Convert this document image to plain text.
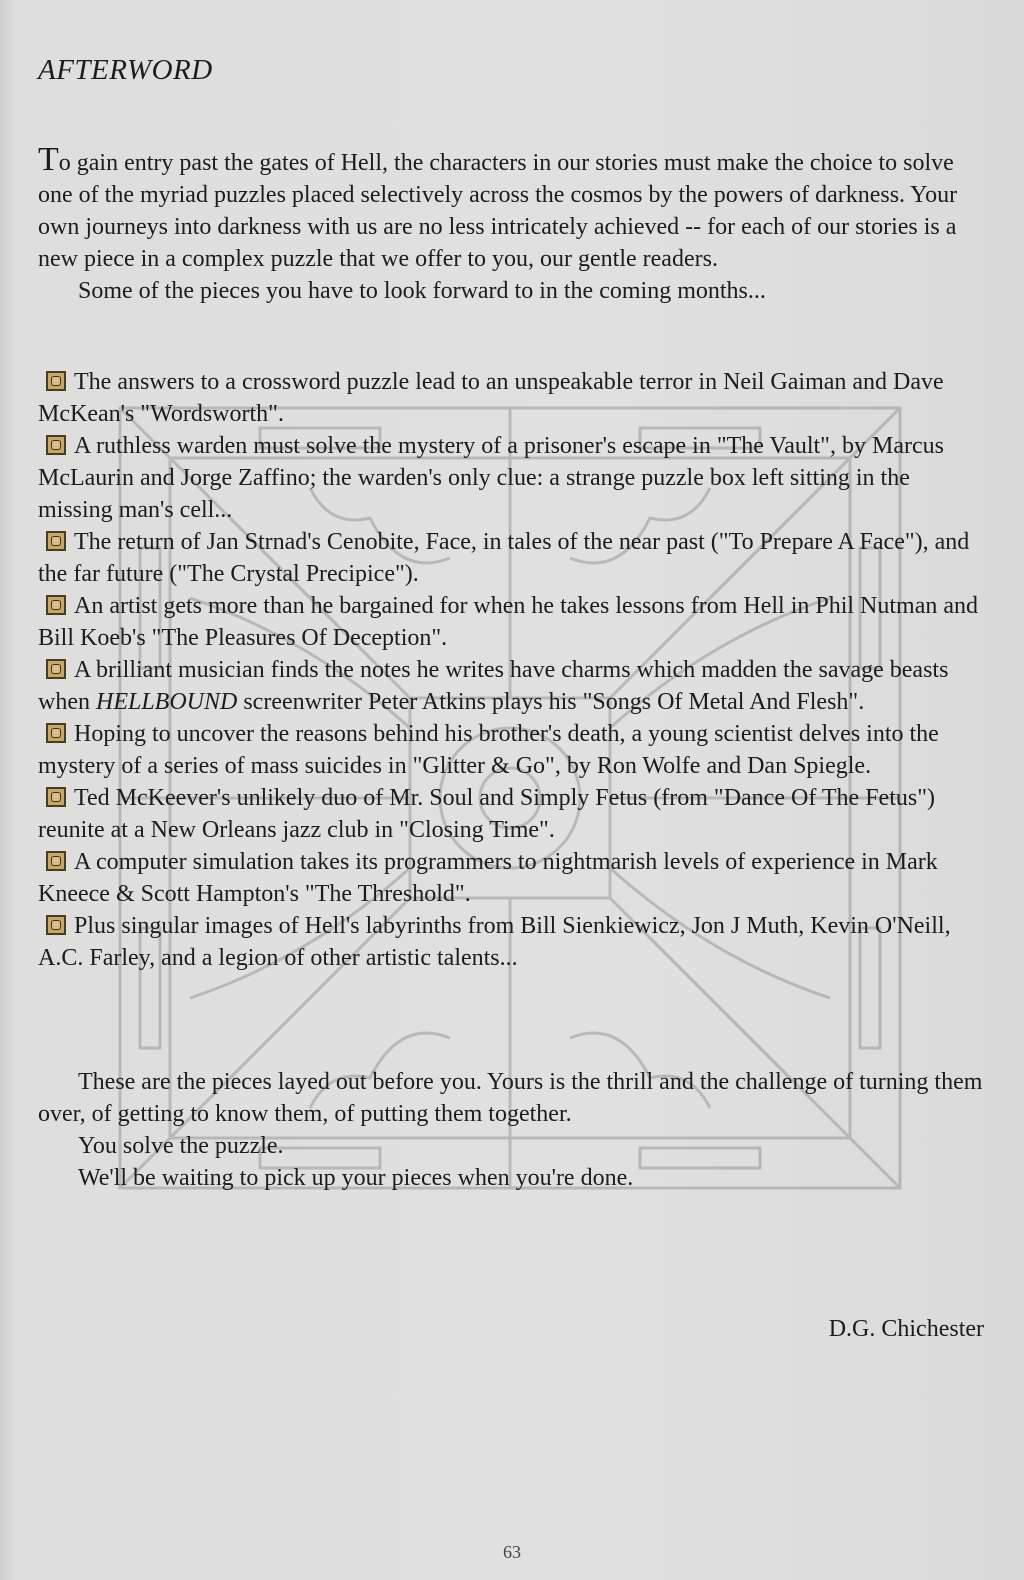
AFTERWORD

To gain entry past the gates of Hell, the characters in our stories must make the choice to solve one of the myriad puzzles placed selectively across the cosmos by the powers of darkness. Your own journeys into darkness with us are no less intricately achieved -- for each of our stories is a new piece in a complex puzzle that we offer to you, our gentle readers.

Some of the pieces you have to look forward to in the coming months...

The answers to a crossword puzzle lead to an unspeakable terror in Neil Gaiman and Dave McKean's "Wordsworth".

A ruthless warden must solve the mystery of a prisoner's escape in "The Vault", by Marcus McLaurin and Jorge Zaffino; the warden's only clue: a strange puzzle box left sitting in the missing man's cell...

The return of Jan Strnad's Cenobite, Face, in tales of the near past ("To Prepare A Face"), and the far future ("The Crystal Precipice").

An artist gets more than he bargained for when he takes lessons from Hell in Phil Nutman and Bill Koeb's "The Pleasures Of Deception".

A brilliant musician finds the notes he writes have charms which madden the savage beasts when HELLBOUND screenwriter Peter Atkins plays his "Songs Of Metal And Flesh".

Hoping to uncover the reasons behind his brother's death, a young scientist delves into the mystery of a series of mass suicides in "Glitter & Go", by Ron Wolfe and Dan Spiegle.

Ted McKeever's unlikely duo of Mr. Soul and Simply Fetus (from "Dance Of The Fetus") reunite at a New Orleans jazz club in "Closing Time".

A computer simulation takes its programmers to nightmarish levels of experience in Mark Kneece & Scott Hampton's "The Threshold".

Plus singular images of Hell's labyrinths from Bill Sienkiewicz, Jon J Muth, Kevin O'Neill, A.C. Farley, and a legion of other artistic talents...

These are the pieces layed out before you. Yours is the thrill and the challenge of turning them over, of getting to know them, of putting them together.

You solve the puzzle.

We'll be waiting to pick up your pieces when you're done.

D.G. Chichester
63
